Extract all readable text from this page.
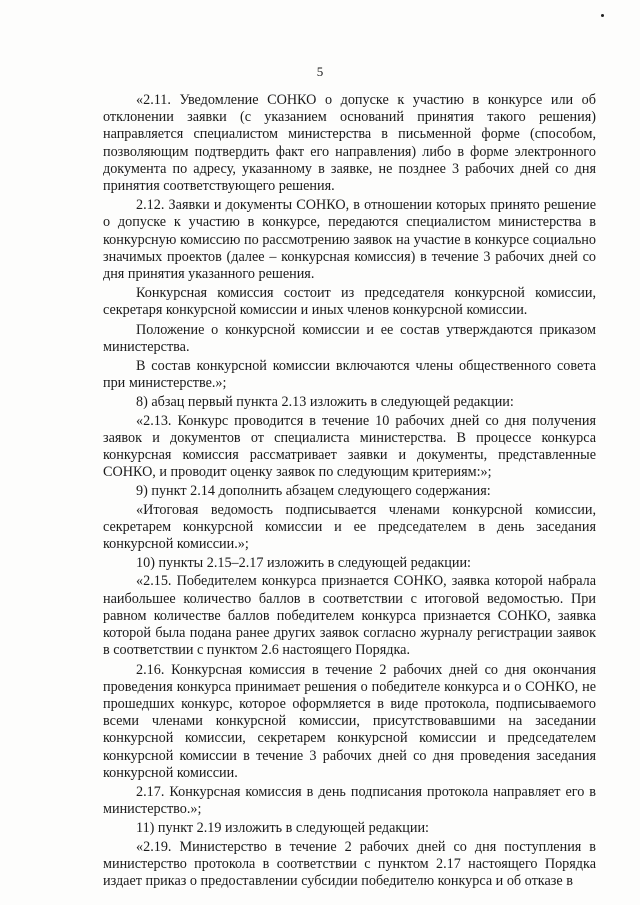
5

«2.11. Уведомление СОНКО о допуске к участию в конкурсе или об отклонении заявки (с указанием оснований принятия такого решения) направляется специалистом министерства в письменной форме (способом, позволяющим подтвердить факт его направления) либо в форме электронного документа по адресу, указанному в заявке, не позднее 3 рабочих дней со дня принятия соответствующего решения.

2.12. Заявки и документы СОНКО, в отношении которых принято решение о допуске к участию в конкурсе, передаются специалистом министерства в конкурсную комиссию по рассмотрению заявок на участие в конкурсе социально значимых проектов (далее – конкурсная комиссия) в течение 3 рабочих дней со дня принятия указанного решения.

Конкурсная комиссия состоит из председателя конкурсной комиссии, секретаря конкурсной комиссии и иных членов конкурсной комиссии.

Положение о конкурсной комиссии и ее состав утверждаются приказом министерства.

В состав конкурсной комиссии включаются члены общественного совета при министерстве.»;

8) абзац первый пункта 2.13 изложить в следующей редакции:

«2.13. Конкурс проводится в течение 10 рабочих дней со дня получения заявок и документов от специалиста министерства. В процессе конкурса конкурсная комиссия рассматривает заявки и документы, представленные СОНКО, и проводит оценку заявок по следующим критериям:»;

9) пункт 2.14 дополнить абзацем следующего содержания:

«Итоговая ведомость подписывается членами конкурсной комиссии, секретарем конкурсной комиссии и ее председателем в день заседания конкурсной комиссии.»;

10) пункты 2.15–2.17 изложить в следующей редакции:

«2.15. Победителем конкурса признается СОНКО, заявка которой набрала наибольшее количество баллов в соответствии с итоговой ведомостью. При равном количестве баллов победителем конкурса признается СОНКО, заявка которой была подана ранее других заявок согласно журналу регистрации заявок в соответствии с пунктом 2.6 настоящего Порядка.

2.16. Конкурсная комиссия в течение 2 рабочих дней со дня окончания проведения конкурса принимает решения о победителе конкурса и о СОНКО, не прошедших конкурс, которое оформляется в виде протокола, подписываемого всеми членами конкурсной комиссии, присутствовавшими на заседании конкурсной комиссии, секретарем конкурсной комиссии и председателем конкурсной комиссии в течение 3 рабочих дней со дня проведения заседания конкурсной комиссии.

2.17. Конкурсная комиссия в день подписания протокола направляет его в министерство.»;

11) пункт 2.19 изложить в следующей редакции:

«2.19. Министерство в течение 2 рабочих дней со дня поступления в министерство протокола в соответствии с пунктом 2.17 настоящего Порядка издает приказ о предоставлении субсидии победителю конкурса и об отказе в
